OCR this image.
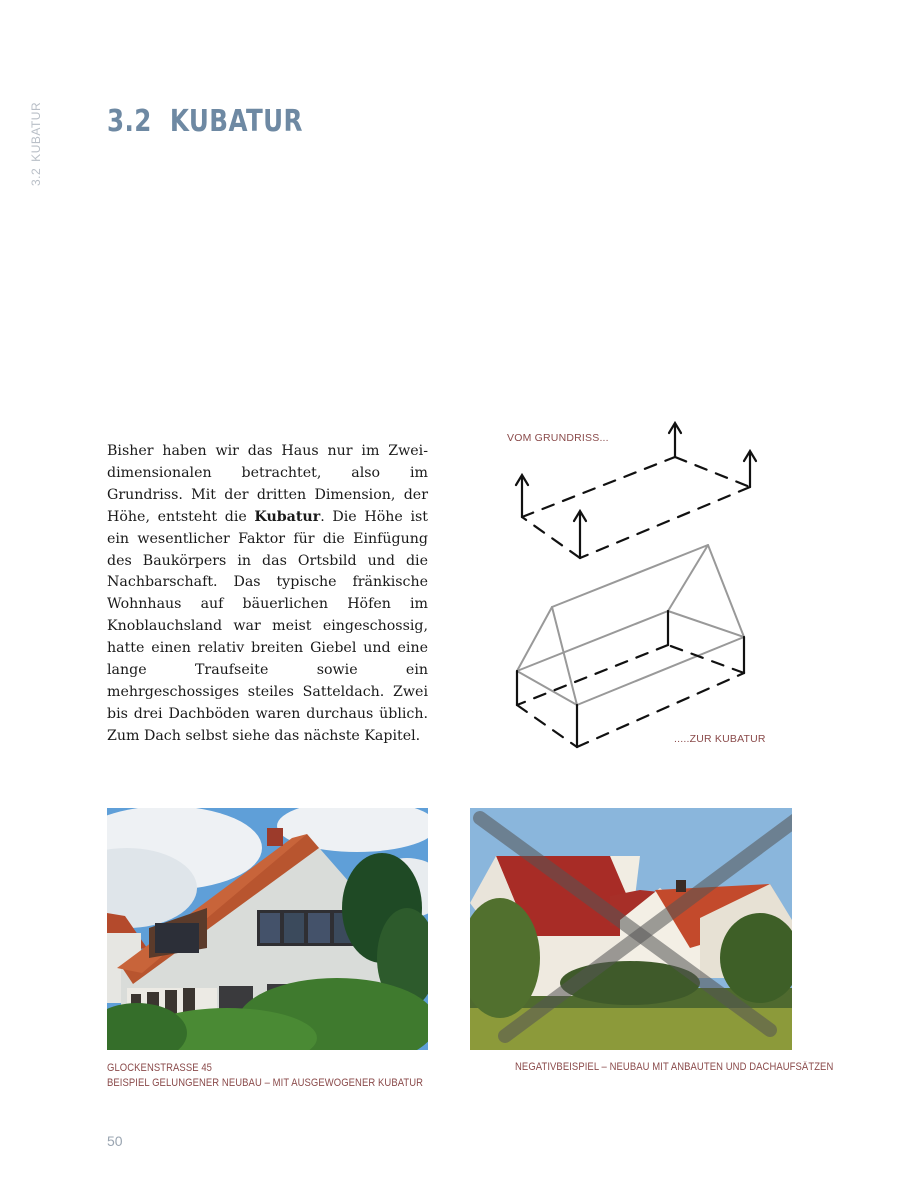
3.2KUBATUR 3.2 KUBATUR

Bisher haben wir das Haus nur im Zweidimensionalen betrachtet, also im Grundriss. Mit der dritten Dimension, der Höhe, entsteht die Kubatur. Die Höhe ist ein wesentlicher Faktor für die Einfügung des Baukörpers in das Ortsbild und die Nachbarschaft. Das typische fränkische Wohnhaus auf bäuerlichen Höfen im Knoblauchsland war meist eingeschossig, hatte einen relativ breiten Giebel und eine lange Traufseite sowie ein mehrgeschossiges steiles Satteldach. Zwei bis drei Dachböden waren durchaus üblich. Zum Dach selbst siehe das nächste Kapitel.

VOM GRUNDRISS...
.....ZUR KUBATUR
GLOCKENSTRASSE 45
BEISPIEL GELUNGENER NEUBAU – MIT AUSGEWOGENER KUBATUR
NEGATIVBEISPIEL – NEUBAU MIT ANBAUTEN UND DACHAUFSÄTZEN
50
